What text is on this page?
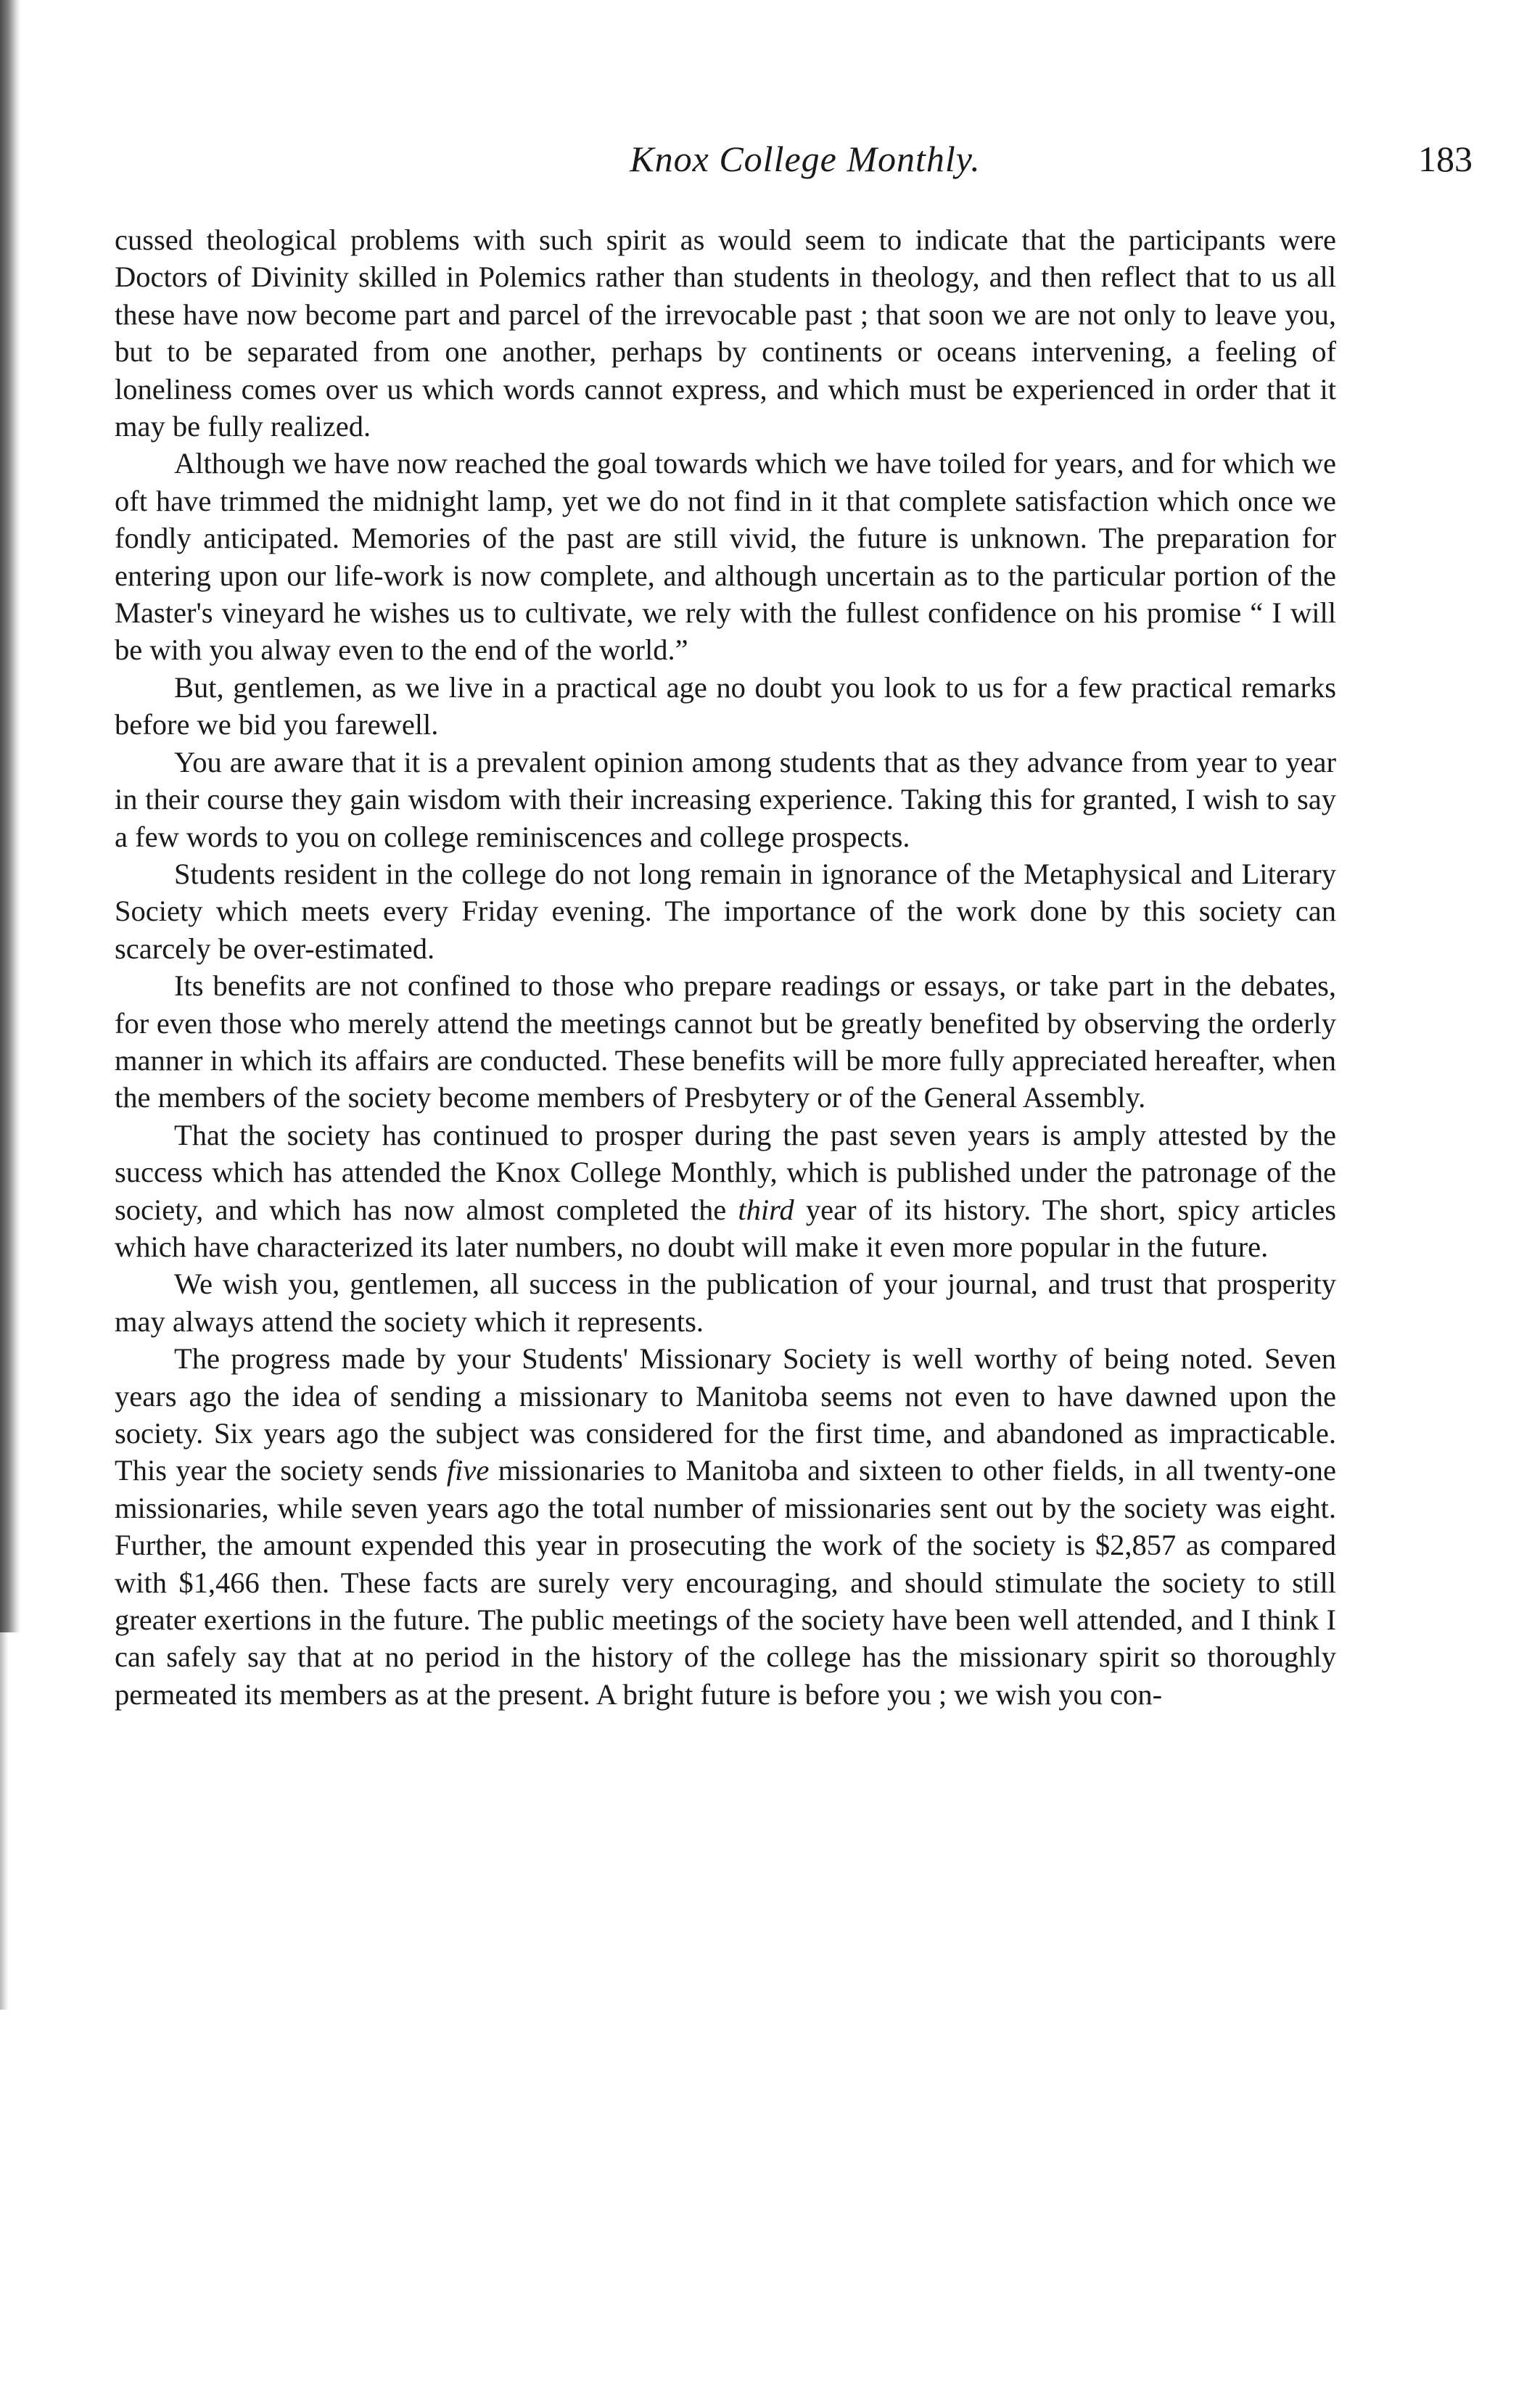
Knox College Monthly.	183

cussed theological problems with such spirit as would seem to indicate that the participants were Doctors of Divinity skilled in Polemics rather than students in theology, and then reflect that to us all these have now become part and parcel of the irrevocable past ; that soon we are not only to leave you, but to be separated from one another, perhaps by continents or oceans intervening, a feeling of loneliness comes over us which words cannot express, and which must be experienced in order that it may be fully realized.

Although we have now reached the goal towards which we have toiled for years, and for which we oft have trimmed the midnight lamp, yet we do not find in it that complete satisfaction which once we fondly anticipated. Memories of the past are still vivid, the future is unknown. The preparation for entering upon our life-work is now complete, and although uncertain as to the particular portion of the Master's vineyard he wishes us to cultivate, we rely with the fullest confidence on his promise “ I will be with you alway even to the end of the world.”

But, gentlemen, as we live in a practical age no doubt you look to us for a few practical remarks before we bid you farewell.

You are aware that it is a prevalent opinion among students that as they advance from year to year in their course they gain wisdom with their increasing experience. Taking this for granted, I wish to say a few words to you on college reminiscences and college prospects.

Students resident in the college do not long remain in ignorance of the Metaphysical and Literary Society which meets every Friday evening. The importance of the work done by this society can scarcely be over-estimated.

Its benefits are not confined to those who prepare readings or essays, or take part in the debates, for even those who merely attend the meetings cannot but be greatly benefited by observing the orderly manner in which its affairs are conducted. These benefits will be more fully appreciated hereafter, when the members of the society become members of Presbytery or of the General Assembly.

That the society has continued to prosper during the past seven years is amply attested by the success which has attended the Knox College Monthly, which is published under the patronage of the society, and which has now almost completed the third year of its history. The short, spicy articles which have characterized its later numbers, no doubt will make it even more popular in the future.

We wish you, gentlemen, all success in the publication of your journal, and trust that prosperity may always attend the society which it represents.

The progress made by your Students' Missionary Society is well worthy of being noted. Seven years ago the idea of sending a missionary to Manitoba seems not even to have dawned upon the society. Six years ago the subject was considered for the first time, and abandoned as impracticable. This year the society sends five missionaries to Manitoba and sixteen to other fields, in all twenty-one missionaries, while seven years ago the total number of missionaries sent out by the society was eight. Further, the amount expended this year in prosecuting the work of the society is $2,857 as compared with $1,466 then. These facts are surely very encouraging, and should stimulate the society to still greater exertions in the future. The public meetings of the society have been well attended, and I think I can safely say that at no period in the history of the college has the missionary spirit so thoroughly permeated its members as at the present. A bright future is before you ; we wish you con-
